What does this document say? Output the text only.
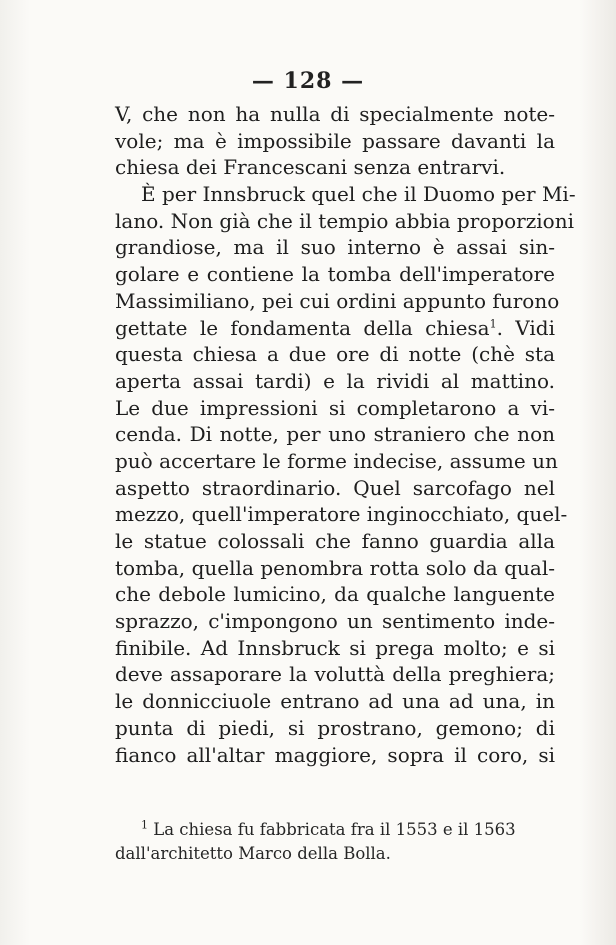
— 128 —
V, che non ha nulla di specialmente note-
vole; ma è impossibile passare davanti la
chiesa dei Francescani senza entrarvi.
È per Innsbruck quel che il Duomo per Mi-
lano. Non già che il tempio abbia proporzioni
grandiose, ma il suo interno è assai sin-
golare e contiene la tomba dell'imperatore
Massimiliano, pei cui ordini appunto furono
gettate le fondamenta della chiesa$^1$. Vidi
questa chiesa a due ore di notte (chè sta
aperta assai tardi) e la rividi al mattino.
Le due impressioni si completarono a vi-
cenda. Di notte, per uno straniero che non
può accertare le forme indecise, assume un
aspetto straordinario. Quel sarcofago nel
mezzo, quell'imperatore inginocchiato, quel-
le statue colossali che fanno guardia alla
tomba, quella penombra rotta solo da qual-
che debole lumicino, da qualche languente
sprazzo, c'impongono un sentimento inde-
finibile. Ad Innsbruck si prega molto; e si
deve assaporare la voluttà della preghiera;
le donnicciuole entrano ad una ad una, in
punta di piedi, si prostrano, gemono; di
fianco all'altar maggiore, sopra il coro, si
$^1$ La chiesa fu fabbricata fra il 1553 e il 1563
dall'architetto Marco della Bolla.
